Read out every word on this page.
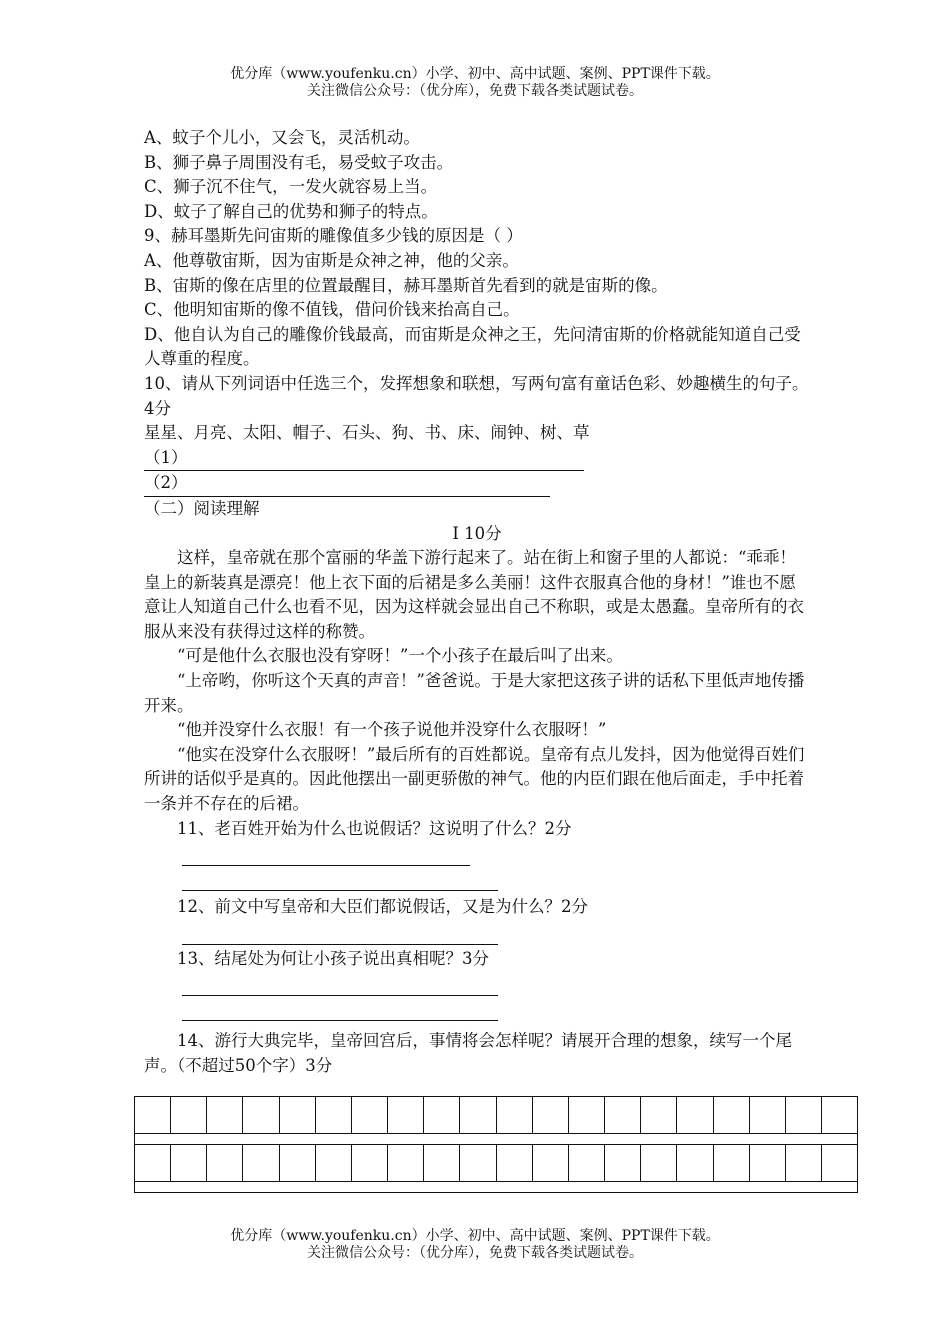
优分库（www.youfenku.cn）小学、初中、高中试题、案例、PPT课件下载。
关注微信公众号：（优分库），免费下载各类试题试卷。

A、蚊子个儿小，又会飞，灵活机动。

B、狮子鼻子周围没有毛，易受蚊子攻击。

C、狮子沉不住气，一发火就容易上当。

D、蚊子了解自己的优势和狮子的特点。

9、赫耳墨斯先问宙斯的雕像值多少钱的原因是（ ）

A、他尊敬宙斯，因为宙斯是众神之神，他的父亲。

B、宙斯的像在店里的位置最醒目，赫耳墨斯首先看到的就是宙斯的像。

C、他明知宙斯的像不值钱，借问价钱来抬高自己。

D、他自认为自己的雕像价钱最高，而宙斯是众神之王，先问清宙斯的价格就能知道自己受人尊重的程度。

10、请从下列词语中任选三个，发挥想象和联想，写两句富有童话色彩、妙趣横生的句子。4分

星星、月亮、太阳、帽子、石头、狗、书、床、闹钟、树、草

（1）

（2）

（二）阅读理解

Ⅰ 10分

这样，皇帝就在那个富丽的华盖下游行起来了。站在街上和窗子里的人都说：“乖乖！皇上的新装真是漂亮！他上衣下面的后裙是多么美丽！这件衣服真合他的身材！”谁也不愿意让人知道自己什么也看不见，因为这样就会显出自己不称职，或是太愚蠢。皇帝所有的衣服从来没有获得过这样的称赞。

“可是他什么衣服也没有穿呀！”一个小孩子在最后叫了出来。

“上帝哟，你听这个天真的声音！”爸爸说。于是大家把这孩子讲的话私下里低声地传播开来。

“他并没穿什么衣服！有一个孩子说他并没穿什么衣服呀！”

“他实在没穿什么衣服呀！”最后所有的百姓都说。皇帝有点儿发抖，因为他觉得百姓们所讲的话似乎是真的。因此他摆出一副更骄傲的神气。他的内臣们跟在他后面走，手中托着一条并不存在的后裙。

11、老百姓开始为什么也说假话？这说明了什么？2分

12、前文中写皇帝和大臣们都说假话，又是为什么？2分

13、结尾处为何让小孩子说出真相呢？3分

14、游行大典完毕，皇帝回宫后，事情将会怎样呢？请展开合理的想象，续写一个尾声。（不超过50个字）3分

优分库（www.youfenku.cn）小学、初中、高中试题、案例、PPT课件下载。
关注微信公众号：（优分库），免费下载各类试题试卷。
